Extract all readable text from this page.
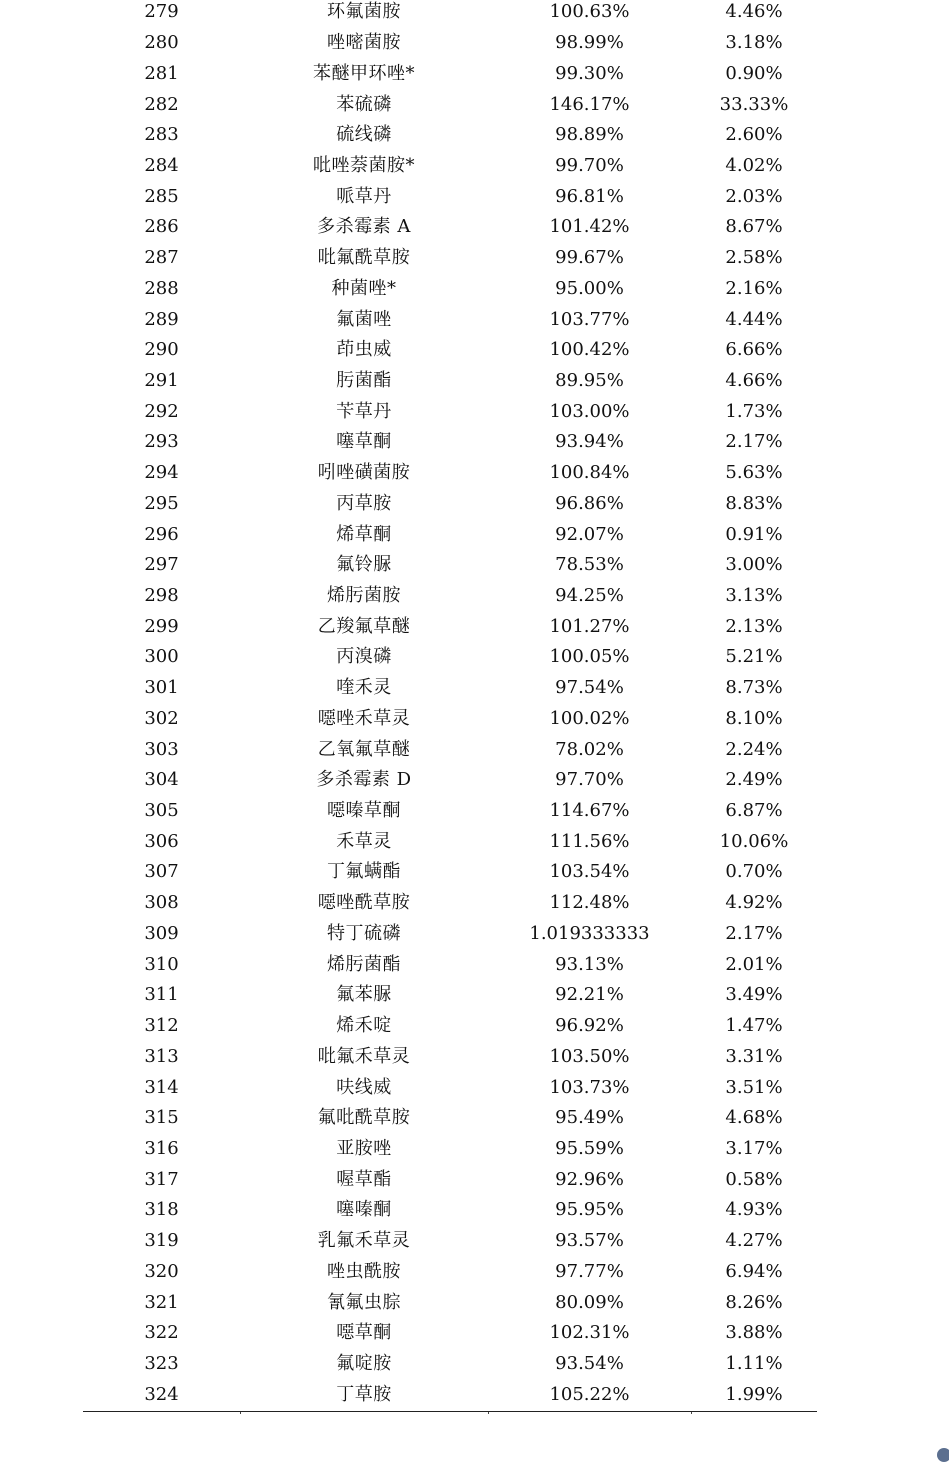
279	环氟菌胺	100.63%	4.46%
280	唑嘧菌胺	98.99%	3.18%
281	苯醚甲环唑*	99.30%	0.90%
282	苯硫磷	146.17%	33.33%
283	硫线磷	98.89%	2.60%
284	吡唑萘菌胺*	99.70%	4.02%
285	哌草丹	96.81%	2.03%
286	多杀霉素 A	101.42%	8.67%
287	吡氟酰草胺	99.67%	2.58%
288	种菌唑*	95.00%	2.16%
289	氟菌唑	103.77%	4.44%
290	茚虫威	100.42%	6.66%
291	肟菌酯	89.95%	4.66%
292	苄草丹	103.00%	1.73%
293	噻草酮	93.94%	2.17%
294	吲唑磺菌胺	100.84%	5.63%
295	丙草胺	96.86%	8.83%
296	烯草酮	92.07%	0.91%
297	氟铃脲	78.53%	3.00%
298	烯肟菌胺	94.25%	3.13%
299	乙羧氟草醚	101.27%	2.13%
300	丙溴磷	100.05%	5.21%
301	喹禾灵	97.54%	8.73%
302	噁唑禾草灵	100.02%	8.10%
303	乙氧氟草醚	78.02%	2.24%
304	多杀霉素 D	97.70%	2.49%
305	噁嗪草酮	114.67%	6.87%
306	禾草灵	111.56%	10.06%
307	丁氟螨酯	103.54%	0.70%
308	噁唑酰草胺	112.48%	4.92%
309	特丁硫磷	1.019333333	2.17%
310	烯肟菌酯	93.13%	2.01%
311	氟苯脲	92.21%	3.49%
312	烯禾啶	96.92%	1.47%
313	吡氟禾草灵	103.50%	3.31%
314	呋线威	103.73%	3.51%
315	氟吡酰草胺	95.49%	4.68%
316	亚胺唑	95.59%	3.17%
317	喔草酯	92.96%	0.58%
318	噻嗪酮	95.95%	4.93%
319	乳氟禾草灵	93.57%	4.27%
320	唑虫酰胺	97.77%	6.94%
321	氰氟虫腙	80.09%	8.26%
322	噁草酮	102.31%	3.88%
323	氟啶胺	93.54%	1.11%
324	丁草胺	105.22%	1.99%
